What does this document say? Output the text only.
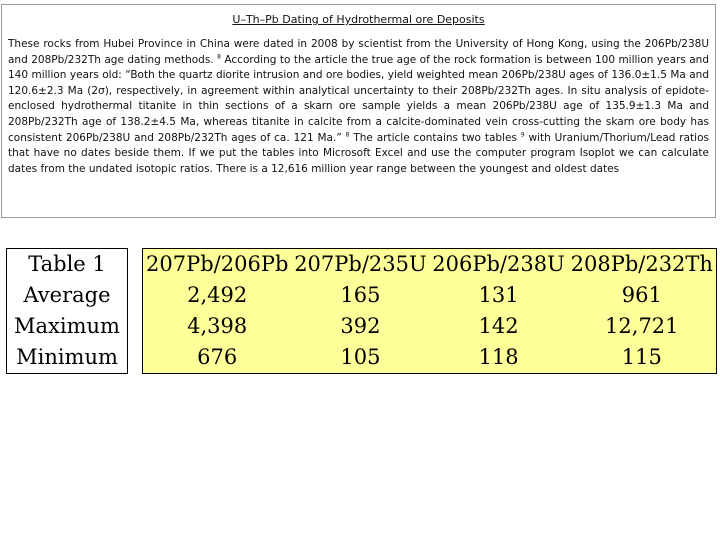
U–Th–Pb Dating of Hydrothermal ore Deposits

These rocks from Hubei Province in China were dated in 2008 by scientist from the University of Hong Kong, using the 206Pb/238U and 208Pb/232Th age dating methods. $^8$ According to the article the true age of the rock formation is between 100 million years and 140 million years old: “Both the quartz diorite intrusion and ore bodies, yield weighted mean 206Pb/238U ages of 136.0±1.5 Ma and 120.6±2.3 Ma (2σ), respectively, in agreement within analytical uncertainty to their 208Pb/232Th ages. In situ analysis of epidote-enclosed hydrothermal titanite in thin sections of a skarn ore sample yields a mean 206Pb/238U age of 135.9±1.3 Ma and 208Pb/232Th age of 138.2±4.5 Ma, whereas titanite in calcite from a calcite-dominated vein cross-cutting the skarn ore body has consistent 206Pb/238U and 208Pb/232Th ages of ca. 121 Ma.” $^8$ The article contains two tables $^9$ with Uranium/Thorium/Lead ratios that have no dates beside them. If we put the tables into Microsoft Excel and use the computer program Isoplot we can calculate dates from the undated isotopic ratios. There is a 12,616 million year range between the youngest and oldest dates

Table 1		207Pb/206Pb	207Pb/235U	206Pb/238U	208Pb/232Th
Average		2,492	165	131	961
Maximum		4,398	392	142	12,721
Minimum		676	105	118	115
